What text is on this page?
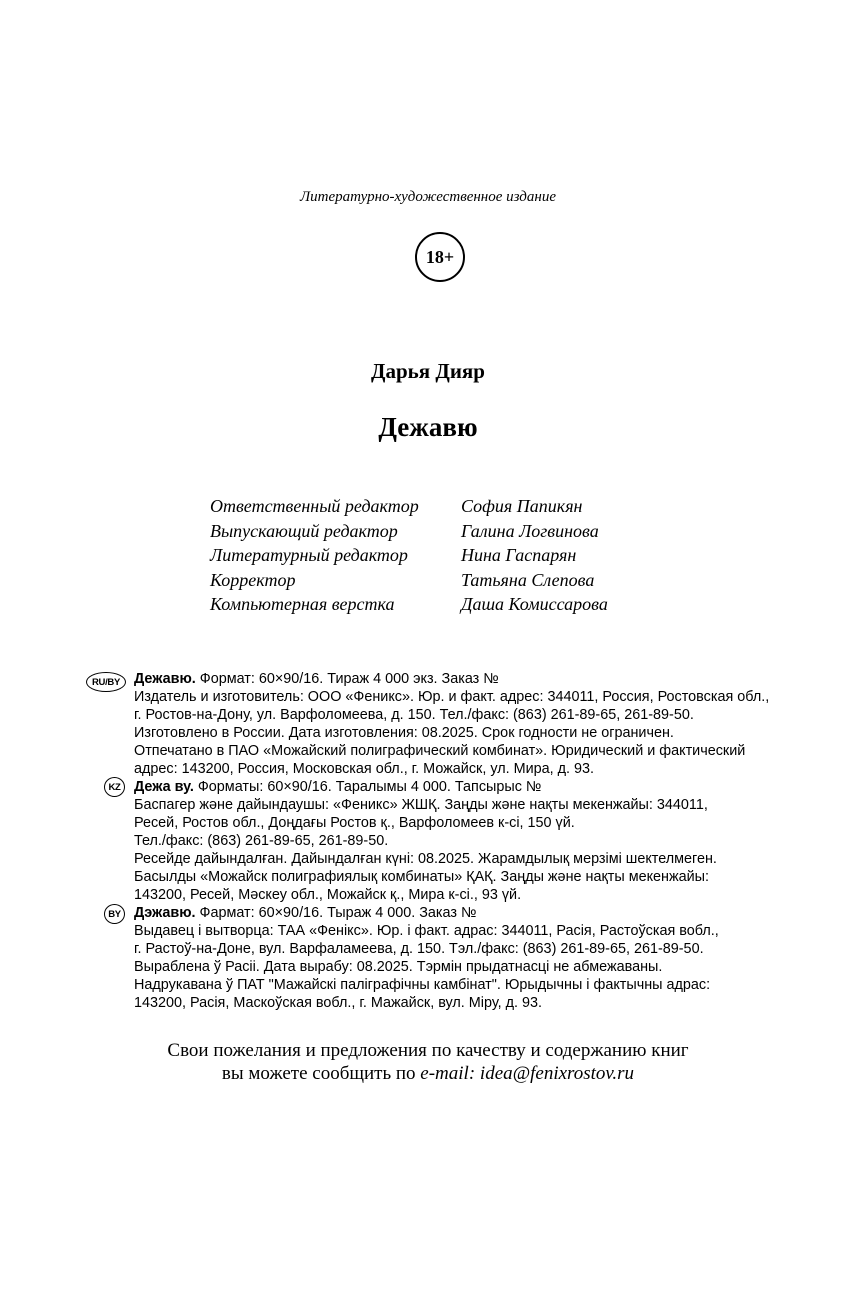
Литературно-художественное издание
18+
Дарья Дияр
Дежавю
Ответственный редактор	София Папикян
Выпускающий редактор	Галина Логвинова
Литературный редактор	Нина Гаспарян
Корректор	Татьяна Слепова
Компьютерная верстка	Даша Комиссарова
RU/BY
KZ
BY
Дежавю. Формат: 60×90/16. Тираж 4 000 экз. Заказ №
Издатель и изготовитель: ООО «Феникс». Юр. и факт. адрес: 344011, Россия, Ростовская обл.,
г. Ростов-на-Дону, ул. Варфоломеева, д. 150. Тел./факс: (863) 261-89-65, 261-89-50.
Изготовлено в России. Дата изготовления: 08.2025. Срок годности не ограничен.
Отпечатано в ПАО «Можайский полиграфический комбинат». Юридический и фактический
адрес: 143200, Россия, Московская обл., г. Можайск, ул. Мира, д. 93.
Дежа ву. Форматы: 60×90/16. Таралымы 4 000. Тапсырыс №
Баспагер және дайындаушы: «Феникс» ЖШҚ. Заңды және нақты мекенжайы: 344011,
Ресей, Ростов обл., Доңдағы Ростов қ., Варфоломеев к-сі, 150 үй.
Тел./факс: (863) 261-89-65, 261-89-50.
Ресейде дайындалған. Дайындалған күні: 08.2025. Жарамдылық мерзімі шектелмеген.
Басылды «Можайск полиграфиялық комбинаты» ҚАҚ. Заңды және нақты мекенжайы:
143200, Ресей, Мәскеу обл., Можайск қ., Мира к-сі., 93 үй.
Дэжавю. Фармат: 60×90/16. Тыраж 4 000. Заказ №
Выдавец і вытворца: ТАА «Фенікс». Юр. і факт. адрас: 344011, Расія, Растоўская вобл.,
г. Растоў-на-Доне, вул. Варфаламеева, д. 150. Тэл./факс: (863) 261-89-65, 261-89-50.
Выраблена ў Расіі. Дата вырабу: 08.2025. Тэрмін прыдатнасці не абмежаваны.
Надрукавана ў ПАТ "Мажайскі паліграфічны камбінат". Юрыдычны і фактычны адрас:
143200, Расія, Маскоўская вобл., г. Мажайск, вул. Міру, д. 93.
Свои пожелания и предложения по качеству и содержанию книг
вы можете сообщить по e-mail: idea@fenixrostov.ru
